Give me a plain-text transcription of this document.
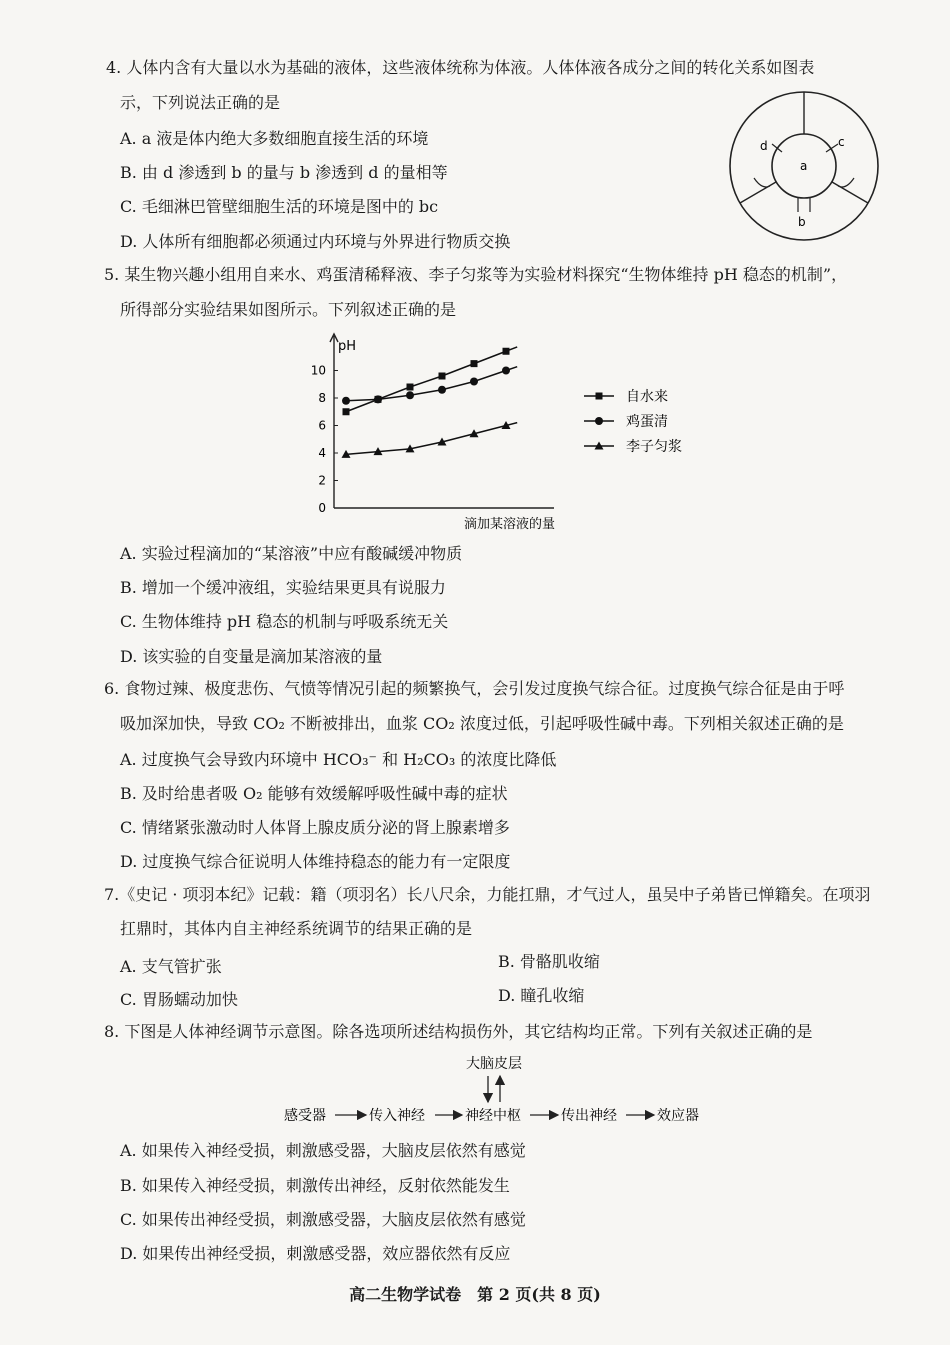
4. 人体内含有大量以水为基础的液体，这些液体统称为体液。人体体液各成分之间的转化关系如图表
示，下列说法正确的是
A. a 液是体内绝大多数细胞直接生活的环境
B. 由 d 渗透到 b 的量与 b 渗透到 d 的量相等
C. 毛细淋巴管壁细胞生活的环境是图中的 bc
D. 人体所有细胞都必须通过内环境与外界进行物质交换
d	c
a
b
5. 某生物兴趣小组用自来水、鸡蛋清稀释液、李子匀浆等为实验材料探究“生物体维持 pH 稳态的机制”，
所得部分实验结果如图所示。下列叙述正确的是
pH
滴加某溶液的量
0
2
4
6
8
10
自水来
鸡蛋清
李子匀浆
A. 实验过程滴加的“某溶液”中应有酸碱缓冲物质
B. 增加一个缓冲液组，实验结果更具有说服力
C. 生物体维持 pH 稳态的机制与呼吸系统无关
D. 该实验的自变量是滴加某溶液的量
6. 食物过辣、极度悲伤、气愤等情况引起的频繁换气，会引发过度换气综合征。过度换气综合征是由于呼
吸加深加快，导致 CO₂ 不断被排出，血浆 CO₂ 浓度过低，引起呼吸性碱中毒。下列相关叙述正确的是
A. 过度换气会导致内环境中 HCO₃⁻ 和 H₂CO₃ 的浓度比降低
B. 及时给患者吸 O₂ 能够有效缓解呼吸性碱中毒的症状
C. 情绪紧张激动时人体肾上腺皮质分泌的肾上腺素增多
D. 过度换气综合征说明人体维持稳态的能力有一定限度
7.《史记 · 项羽本纪》记载：籍（项羽名）长八尺余，力能扛鼎，才气过人，虽吴中子弟皆已惮籍矣。在项羽
扛鼎时，其体内自主神经系统调节的结果正确的是
A. 支气管扩张	B. 骨骼肌收缩
C. 胃肠蠕动加快	D. 瞳孔收缩
8. 下图是人体神经调节示意图。除各选项所述结构损伤外，其它结构均正常。下列有关叙述正确的是
大脑皮层
感受器	传入神经	神经中枢	传出神经	效应器
A. 如果传入神经受损，刺激感受器，大脑皮层依然有感觉
B. 如果传入神经受损，刺激传出神经，反射依然能发生
C. 如果传出神经受损，刺激感受器，大脑皮层依然有感觉
D. 如果传出神经受损，刺激感受器，效应器依然有反应
高二生物学试卷　第 2 页(共 8 页)
